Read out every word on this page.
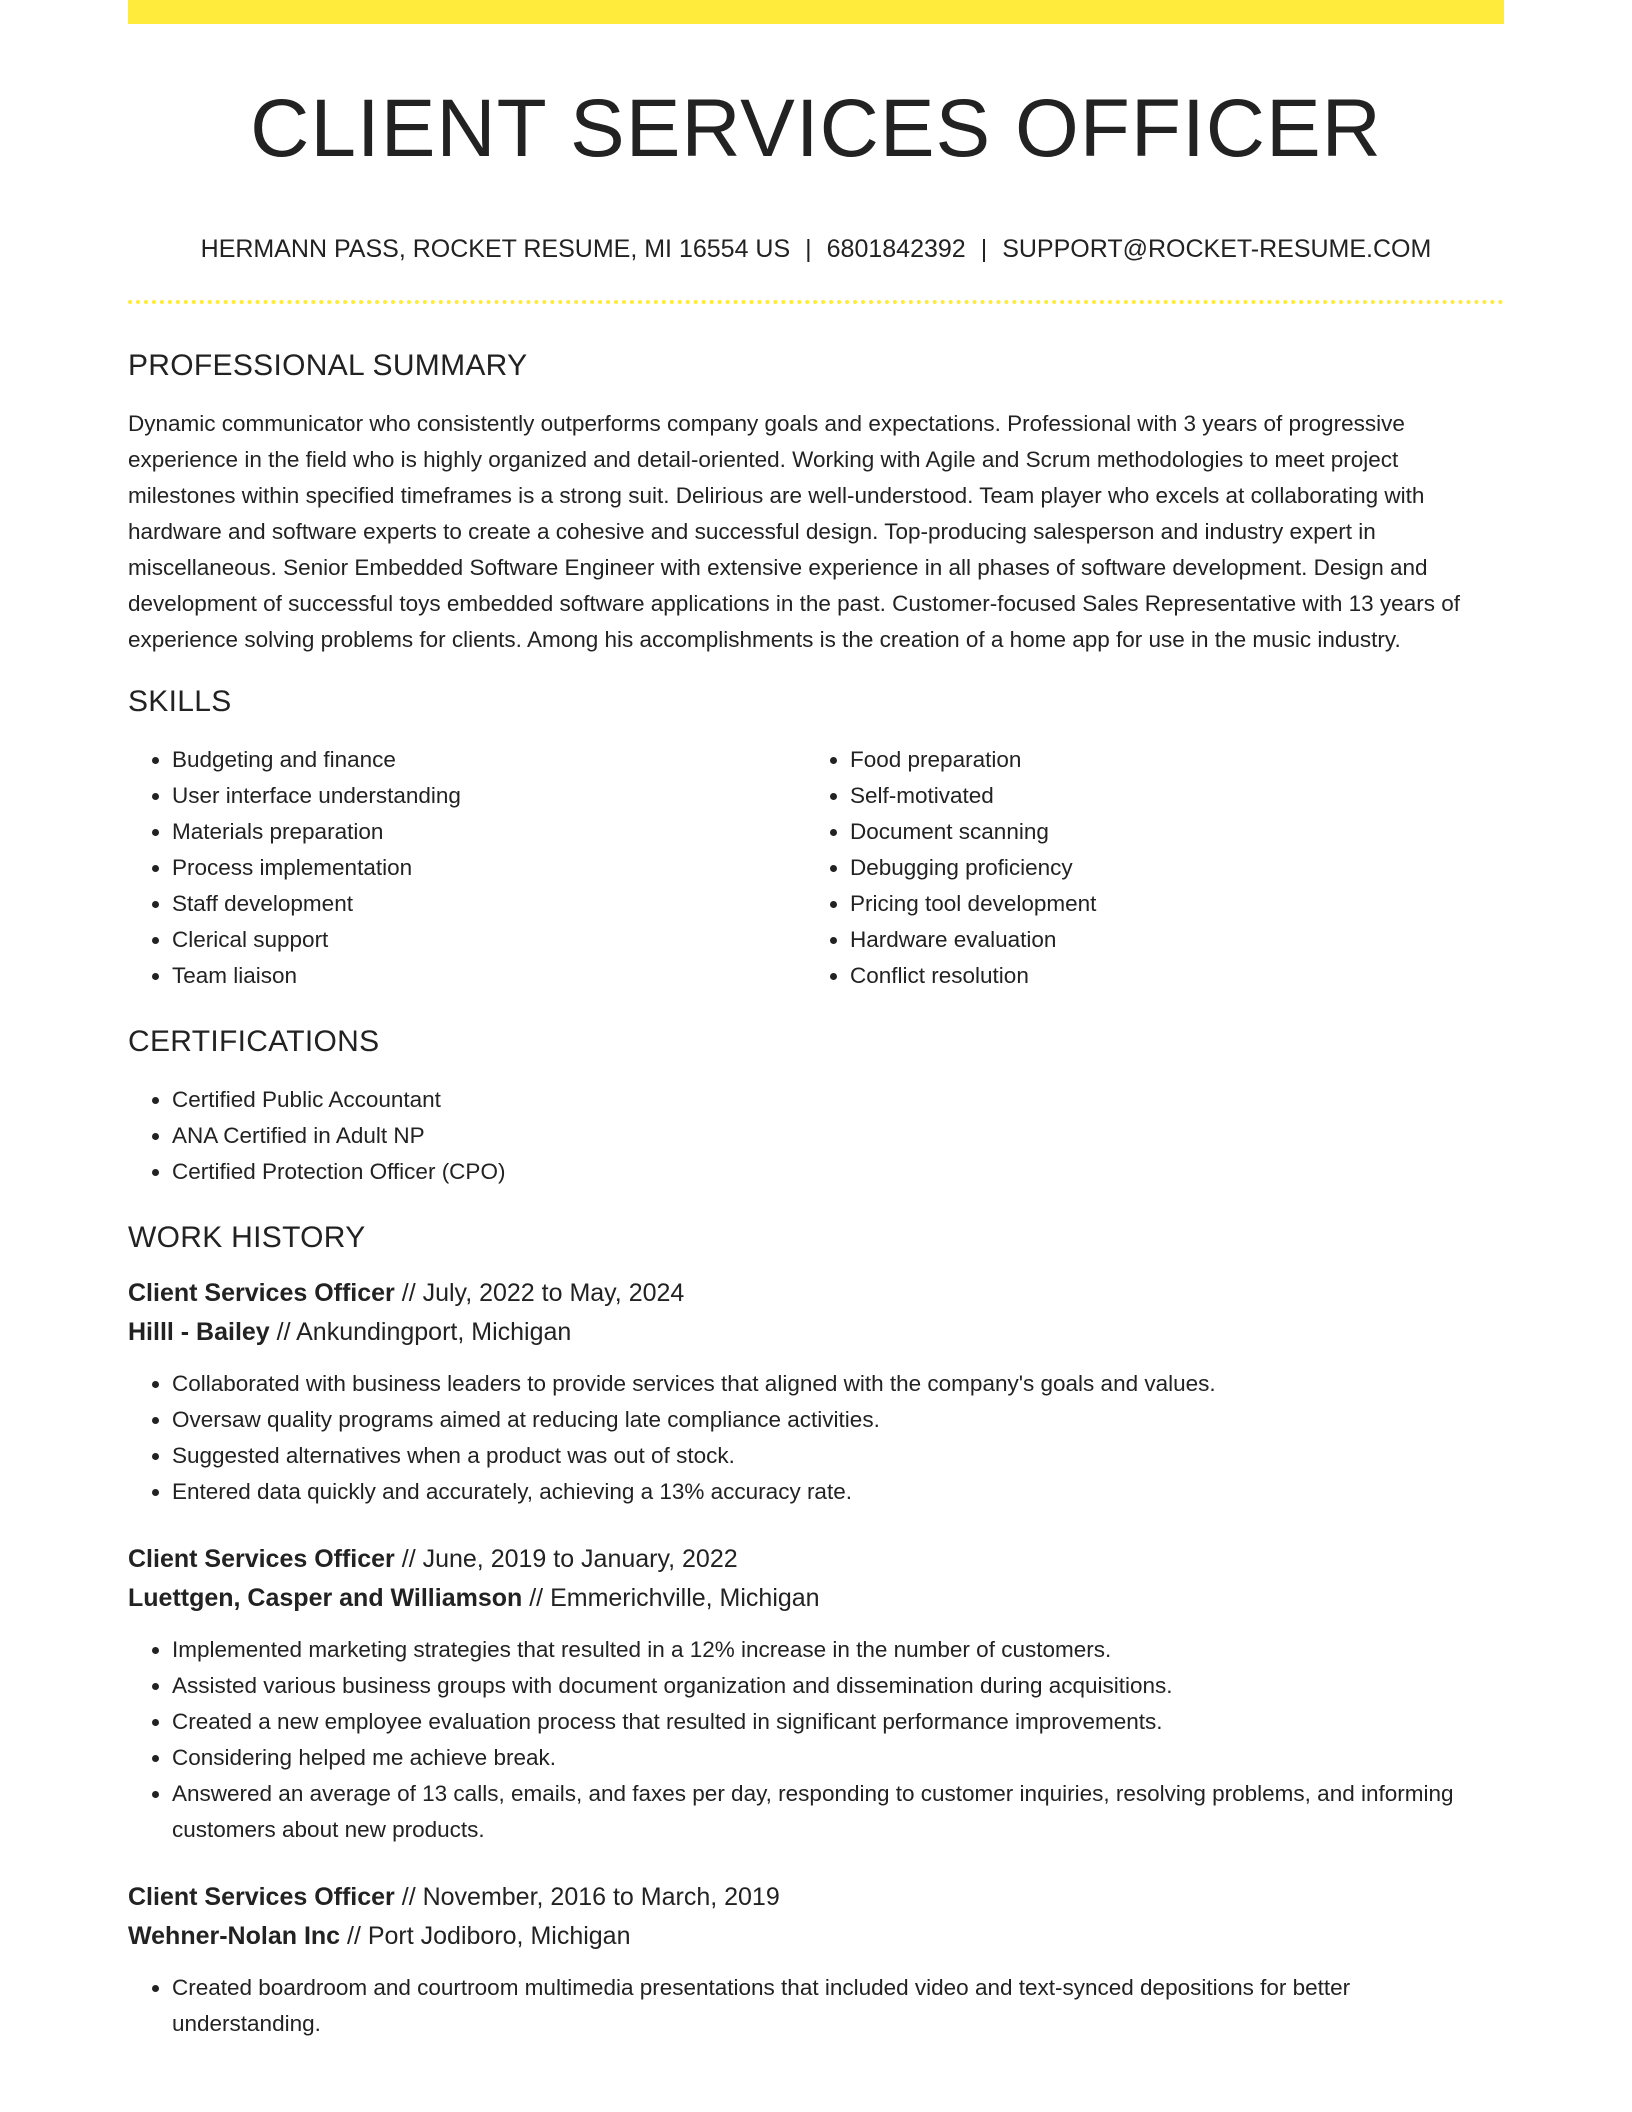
CLIENT SERVICES OFFICER
HERMANN PASS, ROCKET RESUME, MI 16554 US | 6801842392 | SUPPORT@ROCKET-RESUME.COM
PROFESSIONAL SUMMARY

Dynamic communicator who consistently outperforms company goals and expectations. Professional with 3 years of progressive experience in the field who is highly organized and detail-oriented. Working with Agile and Scrum methodologies to meet project milestones within specified timeframes is a strong suit. Delirious are well-understood. Team player who excels at collaborating with hardware and software experts to create a cohesive and successful design. Top-producing salesperson and industry expert in miscellaneous. Senior Embedded Software Engineer with extensive experience in all phases of software development. Design and development of successful toys embedded software applications in the past. Customer-focused Sales Representative with 13 years of experience solving problems for clients. Among his accomplishments is the creation of a home app for use in the music industry.

SKILLS
• Budgeting and finance
• User interface understanding
• Materials preparation
• Process implementation
• Staff development
• Clerical support
• Team liaison
• Food preparation
• Self-motivated
• Document scanning
• Debugging proficiency
• Pricing tool development
• Hardware evaluation
• Conflict resolution
CERTIFICATIONS
• Certified Public Accountant
• ANA Certified in Adult NP
• Certified Protection Officer (CPO)
WORK HISTORY
Client Services Officer // July, 2022 to May, 2024
Hilll - Bailey // Ankundingport, Michigan
• Collaborated with business leaders to provide services that aligned with the company's goals and values.
• Oversaw quality programs aimed at reducing late compliance activities.
• Suggested alternatives when a product was out of stock.
• Entered data quickly and accurately, achieving a 13% accuracy rate.
Client Services Officer // June, 2019 to January, 2022
Luettgen, Casper and Williamson // Emmerichville, Michigan
• Implemented marketing strategies that resulted in a 12% increase in the number of customers.
• Assisted various business groups with document organization and dissemination during acquisitions.
• Created a new employee evaluation process that resulted in significant performance improvements.
• Considering helped me achieve break.
• Answered an average of 13 calls, emails, and faxes per day, responding to customer inquiries, resolving problems, and informing customers about new products.
Client Services Officer // November, 2016 to March, 2019
Wehner-Nolan Inc // Port Jodiboro, Michigan
• Created boardroom and courtroom multimedia presentations that included video and text-synced depositions for better understanding.
